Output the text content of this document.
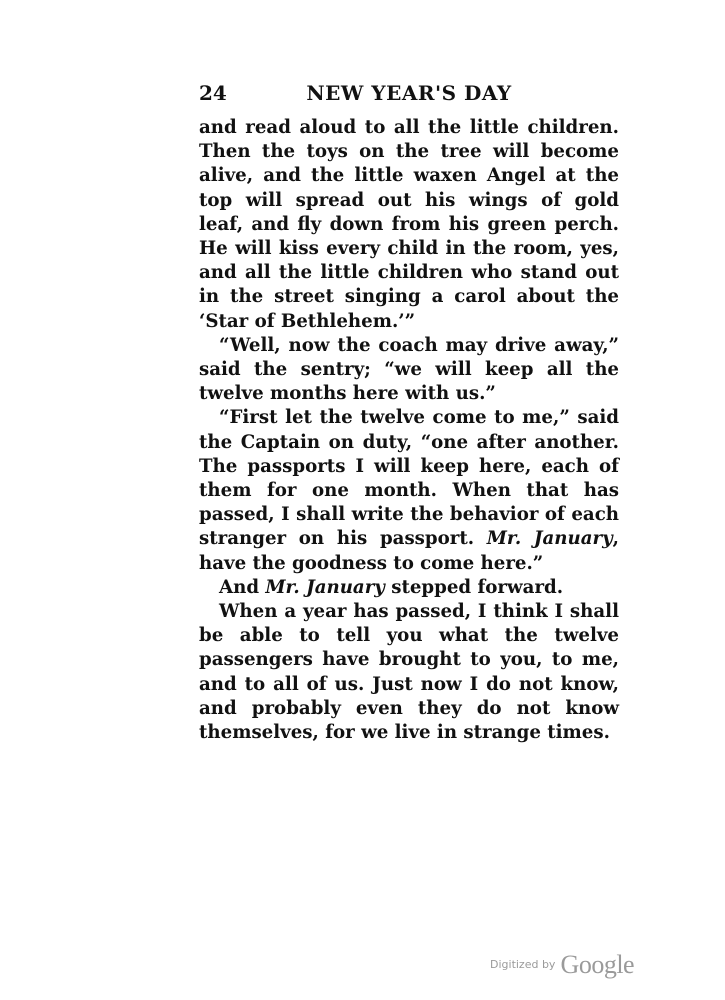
24	NEW YEAR'S DAY

and read aloud to all the little children. Then the toys on the tree will become alive, and the little waxen Angel at the top will spread out his wings of gold leaf, and fly down from his green perch. He will kiss every child in the room, yes, and all the little children who stand out in the street singing a carol about the ‘Star of Bethlehem.’”

“Well, now the coach may drive away,” said the sentry; “we will keep all the twelve months here with us.”

“First let the twelve come to me,” said the Captain on duty, “one after another. The passports I will keep here, each of them for one month. When that has passed, I shall write the behavior of each stranger on his passport. Mr. January, have the goodness to come here.”

And Mr. January stepped forward.

When a year has passed, I think I shall be able to tell you what the twelve passengers have brought to you, to me, and to all of us. Just now I do not know, and probably even they do not know themselves, for we live in strange times.

$^{Digitized by}$ Google
